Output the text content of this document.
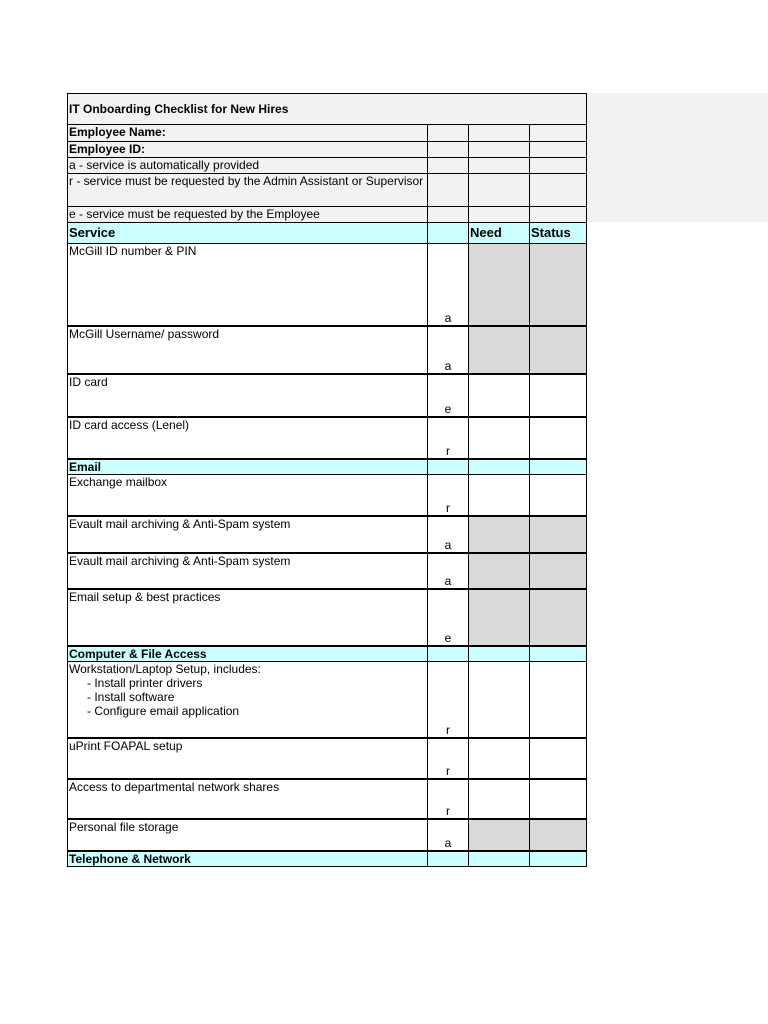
IT Onboarding Checklist for New Hires			
Employee Name:			
Employee ID:			
a - service is automatically provided			
r - service must be requested by the Admin Assistant or Supervisor			
e - service must be requested by the Employee			
Service		Need	Status
McGill ID number & PIN	a		
McGill Username/ password	a		
ID card	e		
ID card access (Lenel)	r		
Email			
Exchange mailbox	r		
Evault mail archiving & Anti-Spam system	a		
Evault mail archiving & Anti-Spam system	a		
Email setup & best practices	e		
Computer & File Access			
Workstation/Laptop Setup, includes:
- Install printer drivers
- Install software
- Configure email application	r		
uPrint FOAPAL setup	r		
Access to departmental network shares	r		
Personal file storage	a		
Telephone & Network			
